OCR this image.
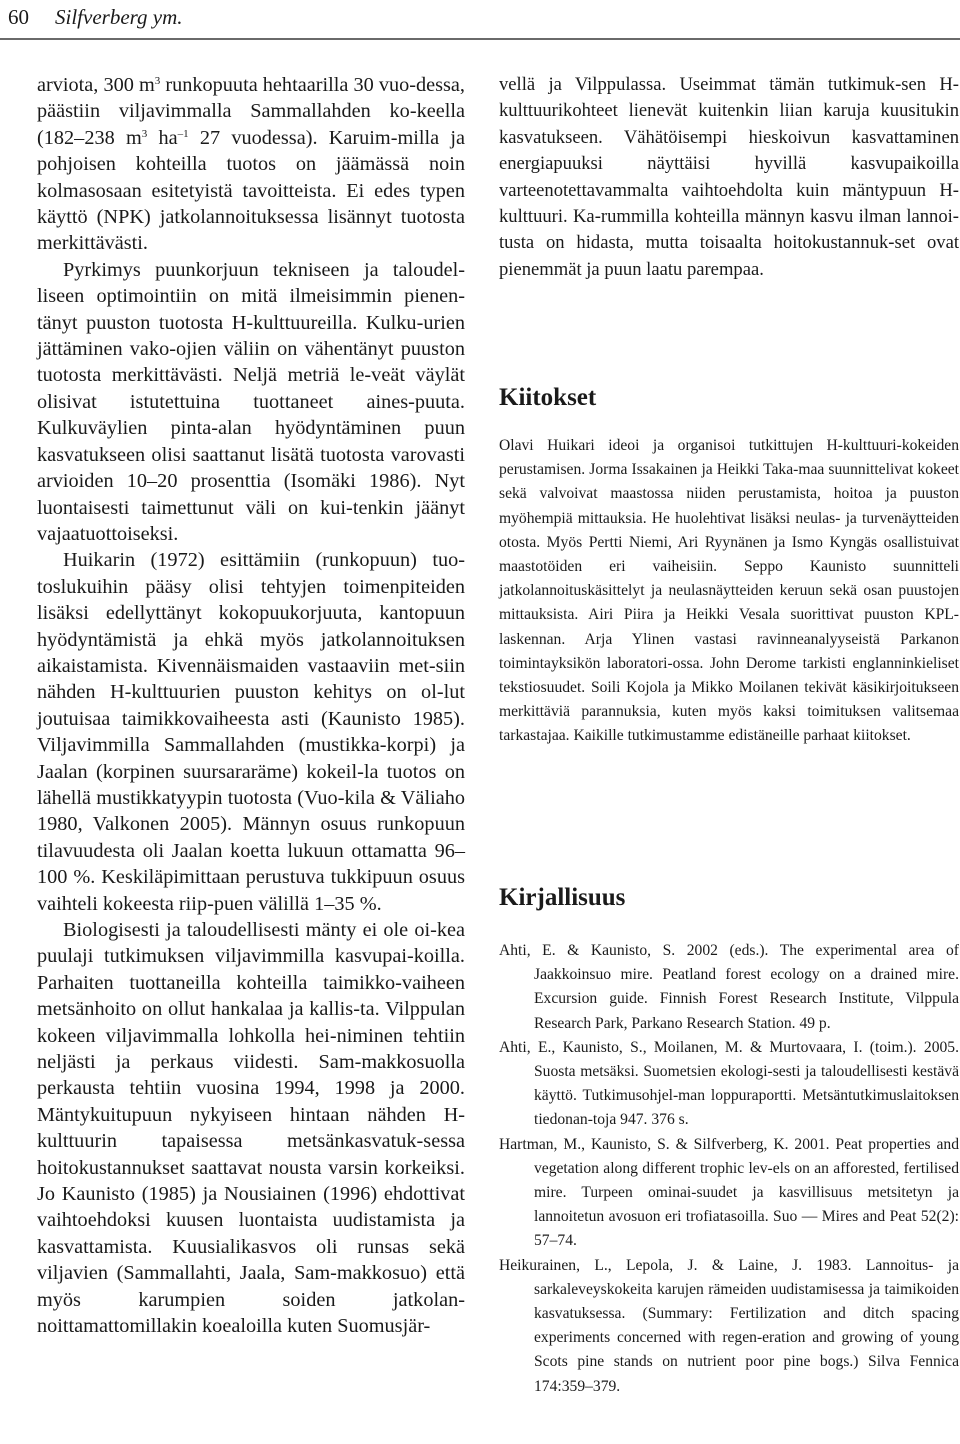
60 Silfverberg ym.

arviota, 300 $m^3$ runkopuuta hehtaarilla 30 vuo-dessa, päästiin viljavimmalla Sammallahden ko-keella (182–238 $m^3$ $ha^{-1}$ 27 vuodessa). Karuim-milla ja pohjoisen kohteilla tuotos on jäämässä noin kolmasosaan esitetyistä tavoitteista. Ei edes typen käyttö (NPK) jatkolannoituksessa lisännyt tuotosta merkittävästi.

Pyrkimys puunkorjuun tekniseen ja taloudel-liseen optimointiin on mitä ilmeisimmin pienen-tänyt puuston tuotosta H-kulttuureilla. Kulku-urien jättäminen vako-ojien väliin on vähentänyt puuston tuotosta merkittävästi. Neljä metriä le-veät väylät olisivat istutettuina tuottaneet aines-puuta. Kulkuväylien pinta-alan hyödyntäminen puun kasvatukseen olisi saattanut lisätä tuotosta varovasti arvioiden 10–20 prosenttia (Isomäki 1986). Nyt luontaisesti taimettunut väli on kui-tenkin jäänyt vajaatuottoiseksi.

Huikarin (1972) esittämiin (runkopuun) tuo-toslukuihin pääsy olisi tehtyjen toimenpiteiden lisäksi edellyttänyt kokopuukorjuuta, kantopuun hyödyntämistä ja ehkä myös jatkolannoituksen aikaistamista. Kivennäismaiden vastaaviin met-siin nähden H-kulttuurien puuston kehitys on ol-lut joutuisaa taimikkovaiheesta asti (Kaunisto 1985). Viljavimmilla Sammallahden (mustikka-korpi) ja Jaalan (korpinen suursararäme) kokeil-la tuotos on lähellä mustikkatyypin tuotosta (Vuo-kila & Väliaho 1980, Valkonen 2005). Männyn osuus runkopuun tilavuudesta oli Jaalan koetta lukuun ottamatta 96–100 %. Keskiläpimittaan perustuva tukkipuun osuus vaihteli kokeesta riip-puen välillä 1–35 %.

Biologisesti ja taloudellisesti mänty ei ole oi-kea puulaji tutkimuksen viljavimmilla kasvupai-koilla. Parhaiten tuottaneilla kohteilla taimikko-vaiheen metsänhoito on ollut hankalaa ja kallis-ta. Vilppulan kokeen viljavimmalla lohkolla hei-niminen tehtiin neljästi ja perkaus viidesti. Sam-makkosuolla perkausta tehtiin vuosina 1994, 1998 ja 2000. Mäntykuitupuun nykyiseen hintaan nähden H-kulttuurin tapaisessa metsänkasvatuk-sessa hoitokustannukset saattavat nousta varsin korkeiksi. Jo Kaunisto (1985) ja Nousiainen (1996) ehdottivat vaihtoehdoksi kuusen luontaista uudistamista ja kasvattamista. Kuusialikasvos oli runsas sekä viljavien (Sammallahti, Jaala, Sam-makkosuo) että myös karumpien soiden jatkolan-noittamattomillakin koealoilla kuten Suomusjär-

vellä ja Vilppulassa. Useimmat tämän tutkimuk-sen H-kulttuurikohteet lienevät kuitenkin liian karuja kuusitukin kasvatukseen. Vähätöisempi hieskoivun kasvattaminen energiapuuksi näyttäisi hyvillä kasvupaikoilla varteenotettavammalta vaihtoehdolta kuin mäntypuun H-kulttuuri. Ka-rummilla kohteilla männyn kasvu ilman lannoi-tusta on hidasta, mutta toisaalta hoitokustannuk-set ovat pienemmät ja puun laatu parempaa.

Kiitokset

Olavi Huikari ideoi ja organisoi tutkittujen H-kulttuuri-kokeiden perustamisen. Jorma Issakainen ja Heikki Taka-maa suunnittelivat kokeet sekä valvoivat maastossa niiden perustamista, hoitoa ja puuston myöhempiä mittauksia. He huolehtivat lisäksi neulas- ja turvenäytteiden otosta. Myös Pertti Niemi, Ari Ryynänen ja Ismo Kyngäs osallistuivat maastotöiden eri vaiheisiin. Seppo Kaunisto suunnitteli jatkolannoituskäsittelyt ja neulasnäytteiden keruun sekä osan puustojen mittauksista. Airi Piira ja Heikki Vesala suorittivat puuston KPL-laskennan. Arja Ylinen vastasi ravinneanalyyseistä Parkanon toimintayksikön laboratori-ossa. John Derome tarkisti englanninkieliset tekstiosuudet. Soili Kojola ja Mikko Moilanen tekivät käsikirjoitukseen merkittäviä parannuksia, kuten myös kaksi toimituksen valitsemaa tarkastajaa. Kaikille tutkimustamme edistäneille parhaat kiitokset.

Kirjallisuus
Ahti, E. & Kaunisto, S. 2002 (eds.). The experimental area of Jaakkoinsuo mire. Peatland forest ecology on a drained mire. Excursion guide. Finnish Forest Research Institute, Vilppula Research Park, Parkano Research Station. 49 p.
Ahti, E., Kaunisto, S., Moilanen, M. & Murtovaara, I. (toim.). 2005. Suosta metsäksi. Suometsien ekologi-sesti ja taloudellisesti kestävä käyttö. Tutkimusohjel-man loppuraportti. Metsäntutkimuslaitoksen tiedonan-toja 947. 376 s.
Hartman, M., Kaunisto, S. & Silfverberg, K. 2001. Peat properties and vegetation along different trophic lev-els on an afforested, fertilised mire. Turpeen ominai-suudet ja kasvillisuus metsitetyn ja lannoitetun avosuon eri trofiatasoilla. Suo — Mires and Peat 52(2): 57–74.
Heikurainen, L., Lepola, J. & Laine, J. 1983. Lannoitus- ja sarkaleveyskokeita karujen rämeiden uudistamisessa ja taimikoiden kasvatuksessa. (Summary: Fertilization and ditch spacing experiments concerned with regen-eration and growing of young Scots pine stands on nutrient poor pine bogs.) Silva Fennica 174:359–379.
